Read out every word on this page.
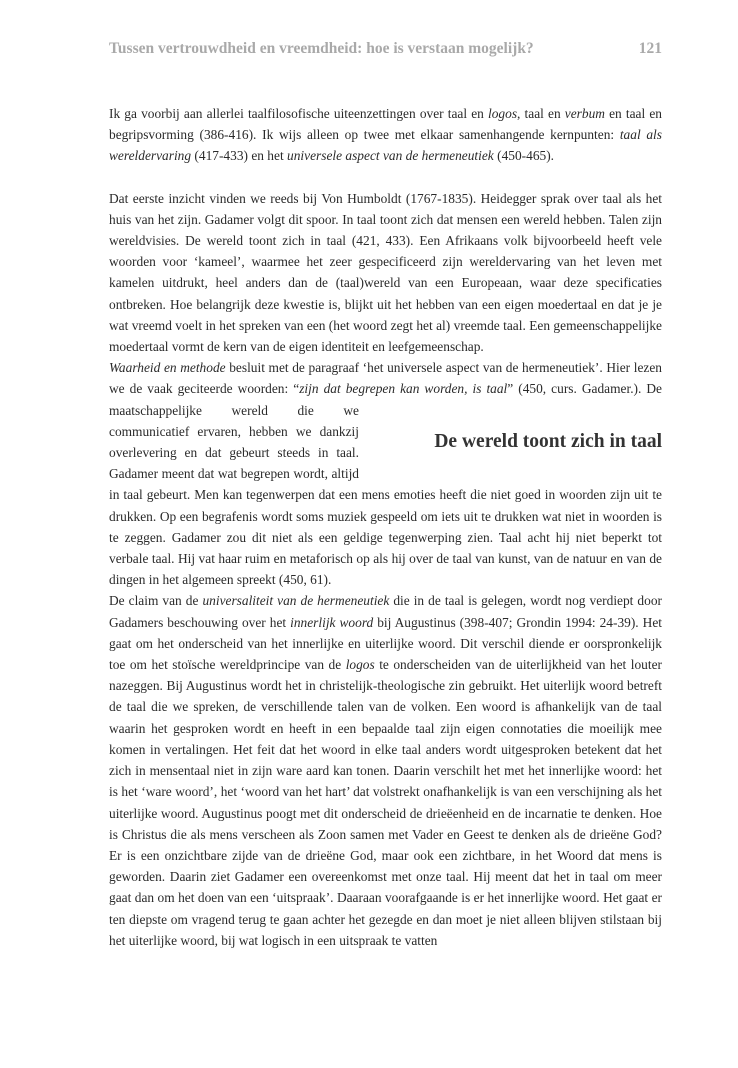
Tussen vertrouwdheid en vreemdheid: hoe is verstaan mogelijk?	121

Ik ga voorbij aan allerlei taalfilosofische uiteenzettingen over taal en logos, taal en verbum en taal en begripsvorming (386-416). Ik wijs alleen op twee met elkaar samenhangende kernpunten: taal als wereldervaring (417-433) en het universele aspect van de hermeneutiek (450-465).

Dat eerste inzicht vinden we reeds bij Von Humboldt (1767-1835). Heidegger sprak over taal als het huis van het zijn. Gadamer volgt dit spoor. In taal toont zich dat mensen een wereld hebben. Talen zijn wereldvisies. De wereld toont zich in taal (421, 433). Een Afrikaans volk bijvoorbeeld heeft vele woorden voor ‘kameel’, waarmee het zeer gespecificeerd zijn wereldervaring van het leven met kamelen uitdrukt, heel anders dan de (taal)wereld van een Europeaan, waar deze specificaties ontbreken. Hoe belangrijk deze kwestie is, blijkt uit het hebben van een eigen moedertaal en dat je je wat vreemd voelt in het spreken van een (het woord zegt het al) vreemde taal. Een gemeenschappelijke moedertaal vormt de kern van de eigen identiteit en leefgemeenschap.

Waarheid en methode besluit met de paragraaf ‘het universele aspect van de hermeneutiek’. Hier lezen we de vaak geciteerde woorden: “zijn dat begrepen kan worden, is taal
De wereld toont zich in taal
” (450, curs. Gadamer.). De maatschappelijke wereld die we communicatief ervaren, hebben we dankzij overlevering en dat gebeurt steeds in taal. Gadamer meent dat wat begrepen wordt, altijd in taal gebeurt. Men kan tegenwerpen dat een mens emoties heeft die niet goed in woorden zijn uit te drukken. Op een begrafenis wordt soms muziek gespeeld om iets uit te drukken wat niet in woorden is te zeggen. Gadamer zou dit niet als een geldige tegenwerping zien. Taal acht hij niet beperkt tot verbale taal. Hij vat haar ruim en metaforisch op als hij over de taal van kunst, van de natuur en van de dingen in het algemeen spreekt (450, 61).

De claim van de universaliteit van de hermeneutiek die in de taal is gelegen, wordt nog verdiept door Gadamers beschouwing over het innerlijk woord bij Augustinus (398-407; Grondin 1994: 24-39). Het gaat om het onderscheid van het innerlijke en uiterlijke woord. Dit verschil diende er oorspronkelijk toe om het stoïsche wereldprincipe van de logos te onderscheiden van de uiterlijkheid van het louter nazeggen. Bij Augustinus wordt het in christelijk-theologische zin gebruikt. Het uiterlijk woord betreft de taal die we spreken, de verschillende talen van de volken. Een woord is afhankelijk van de taal waarin het gesproken wordt en heeft in een bepaalde taal zijn eigen connotaties die moeilijk mee komen in vertalingen. Het feit dat het woord in elke taal anders wordt uitgesproken betekent dat het zich in mensentaal niet in zijn ware aard kan tonen. Daarin verschilt het met het innerlijke woord: het is het ‘ware woord’, het ‘woord van het hart’ dat volstrekt onafhankelijk is van een verschijning als het uiterlijke woord. Augustinus poogt met dit onderscheid de drieëenheid en de incarnatie te denken. Hoe is Christus die als mens verscheen als Zoon samen met Vader en Geest te denken als de drieëne God? Er is een onzichtbare zijde van de drieëne God, maar ook een zichtbare, in het Woord dat mens is geworden. Daarin ziet Gadamer een overeenkomst met onze taal. Hij meent dat het in taal om meer gaat dan om het doen van een ‘uitspraak’. Daaraan voorafgaande is er het innerlijke woord. Het gaat er ten diepste om vragend terug te gaan achter het gezegde en dan moet je niet alleen blijven stilstaan bij het uiterlijke woord, bij wat logisch in een uitspraak te vatten
